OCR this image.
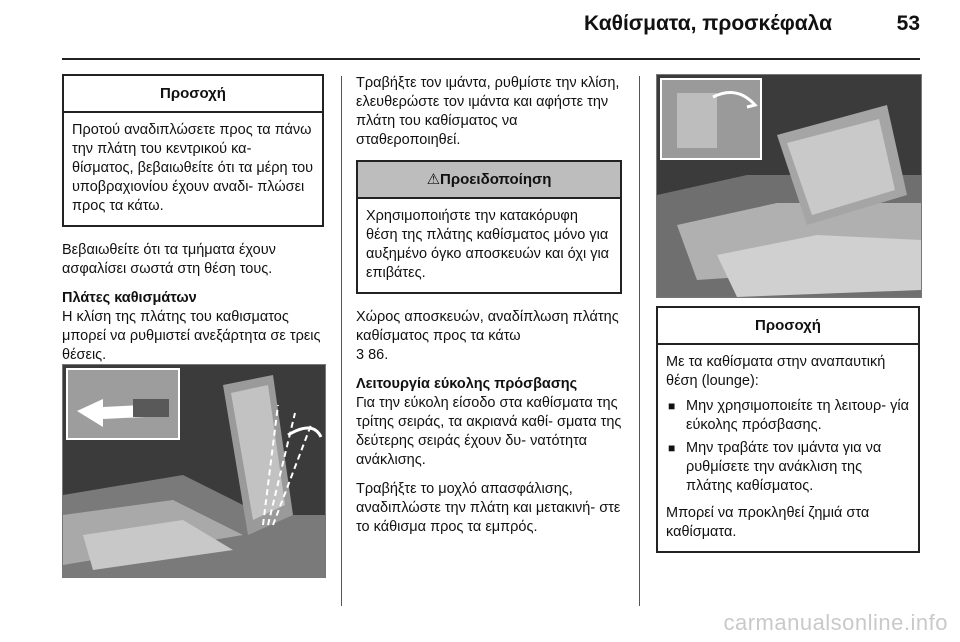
Καθίσματα, προσκέφαλα	53
Προσοχή
Προτού αναδιπλώσετε προς τα πάνω την πλάτη του κεντρικού κα- θίσματος, βεβαιωθείτε ότι τα μέρη του υποβραχιονίου έχουν αναδι- πλώσει προς τα κάτω.

Βεβαιωθείτε ότι τα τμήματα έχουν ασφαλίσει σωστά στη θέση τους.

Πλάτες καθισμάτων

Η κλίση της πλάτης του καθισματος μπορεί να ρυθμιστεί ανεξάρτητα σε τρεις θέσεις.

Τραβήξτε τον ιμάντα, ρυθμίστε την κλίση, ελευθερώστε τον ιμάντα και αφήστε την πλάτη του καθίσματος να σταθεροποιηθεί.

⚠Προειδοποίηση
Χρησιμοποιήστε την κατακόρυφη θέση της πλάτης καθίσματος μόνο για αυξημένο όγκο αποσκευών και όχι για επιβάτες.

Χώρος αποσκευών, αναδίπλωση πλάτης καθίσματος προς τα κάτω
3 86.

Λειτουργία εύκολης πρόσβασης

Για την εύκολη είσοδο στα καθίσματα της τρίτης σειράς, τα ακριανά καθί- σματα της δεύτερης σειράς έχουν δυ- νατότητα ανάκλισης.

Τραβήξτε το μοχλό απασφάλισης, αναδιπλώστε την πλάτη και μετακινή- στε το κάθισμα προς τα εμπρός.

Προσοχή
Με τα καθίσματα στην αναπαυτική θέση (lounge):
■ Μην χρησιμοποιείτε τη λειτουρ- γία εύκολης πρόσβασης.
■ Μην τραβάτε τον ιμάντα για να ρυθμίσετε την ανάκλιση της πλάτης καθίσματος.
Μπορεί να προκληθεί ζημιά στα καθίσματα.
carmanualsonline.info
